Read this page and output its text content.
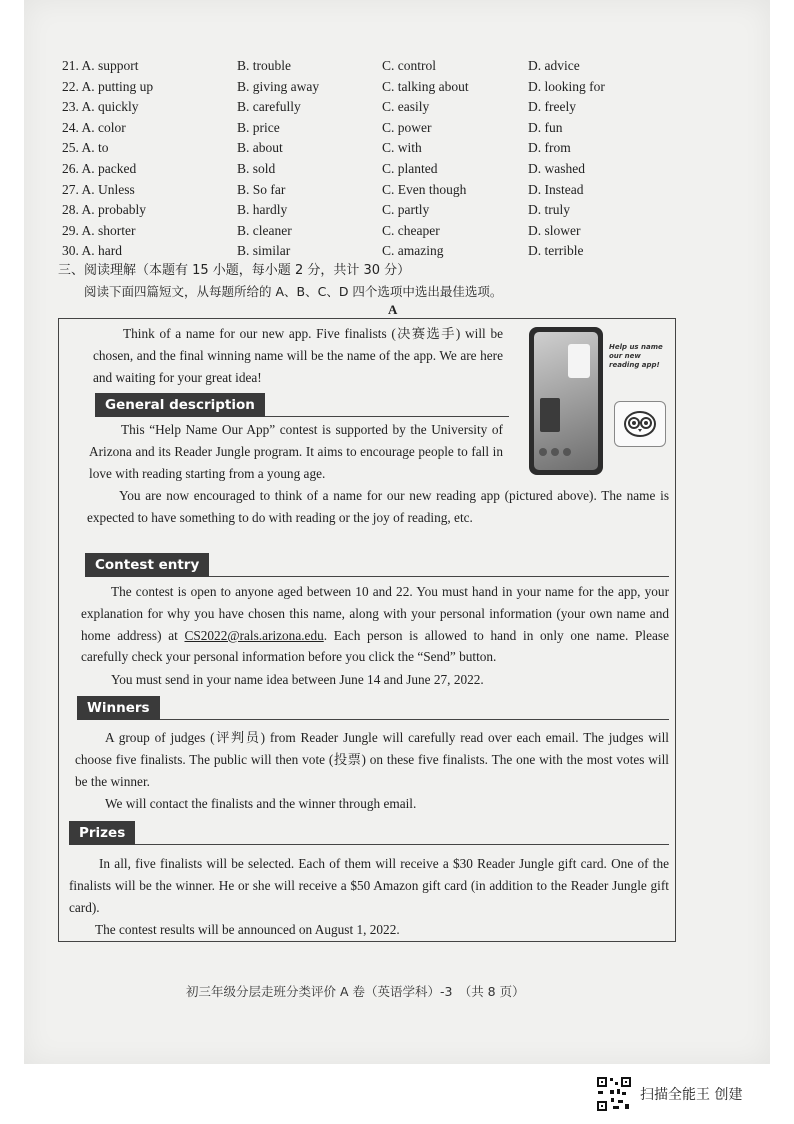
21. A. support	B. trouble	C. control	D. advice
22. A. putting up	B. giving away	C. talking about	D. looking for
23. A. quickly	B. carefully	C. easily	D. freely
24. A. color	B. price	C. power	D. fun
25. A. to	B. about	C. with	D. from
26. A. packed	B. sold	C. planted	D. washed
27. A. Unless	B. So far	C. Even though	D. Instead
28. A. probably	B. hardly	C. partly	D. truly
29. A. shorter	B. cleaner	C. cheaper	D. slower
30. A. hard	B. similar	C. amazing	D. terrible
三、阅读理解（本题有 15 小题，每小题 2 分，共计 30 分）
阅读下面四篇短文，从每题所给的 A、B、C、D 四个选项中选出最佳选项。
A
Think of a name for our new app. Five finalists (决赛选手) will be chosen, and the final winning name will be the name of the app. We are here and waiting for your great idea!
General description
This “Help Name Our App” contest is supported by the University of Arizona and its Reader Jungle program. It aims to encourage people to fall in love with reading starting from a young age.
You are now encouraged to think of a name for our new reading app (pictured above). The name is expected to have something to do with reading or the joy of reading, etc.
Help us name our new reading app!
Contest entry
The contest is open to anyone aged between 10 and 22. You must hand in your name for the app, your explanation for why you have chosen this name, along with your personal information (your own name and home address) at CS2022@rals.arizona.edu. Each person is allowed to hand in only one name. Please carefully check your personal information before you click the “Send” button.
You must send in your name idea between June 14 and June 27, 2022.
Winners
A group of judges (评判员) from Reader Jungle will carefully read over each email. The judges will choose five finalists. The public will then vote (投票) on these five finalists. The one with the most votes will be the winner.
We will contact the finalists and the winner through email.
Prizes
In all, five finalists will be selected. Each of them will receive a $30 Reader Jungle gift card. One of the finalists will be the winner. He or she will receive a $50 Amazon gift card (in addition to the Reader Jungle gift card).
The contest results will be announced on August 1, 2022.
初三年级分层走班分类评价 A 卷（英语学科）-3　（共 8 页）
扫描全能王 创建
